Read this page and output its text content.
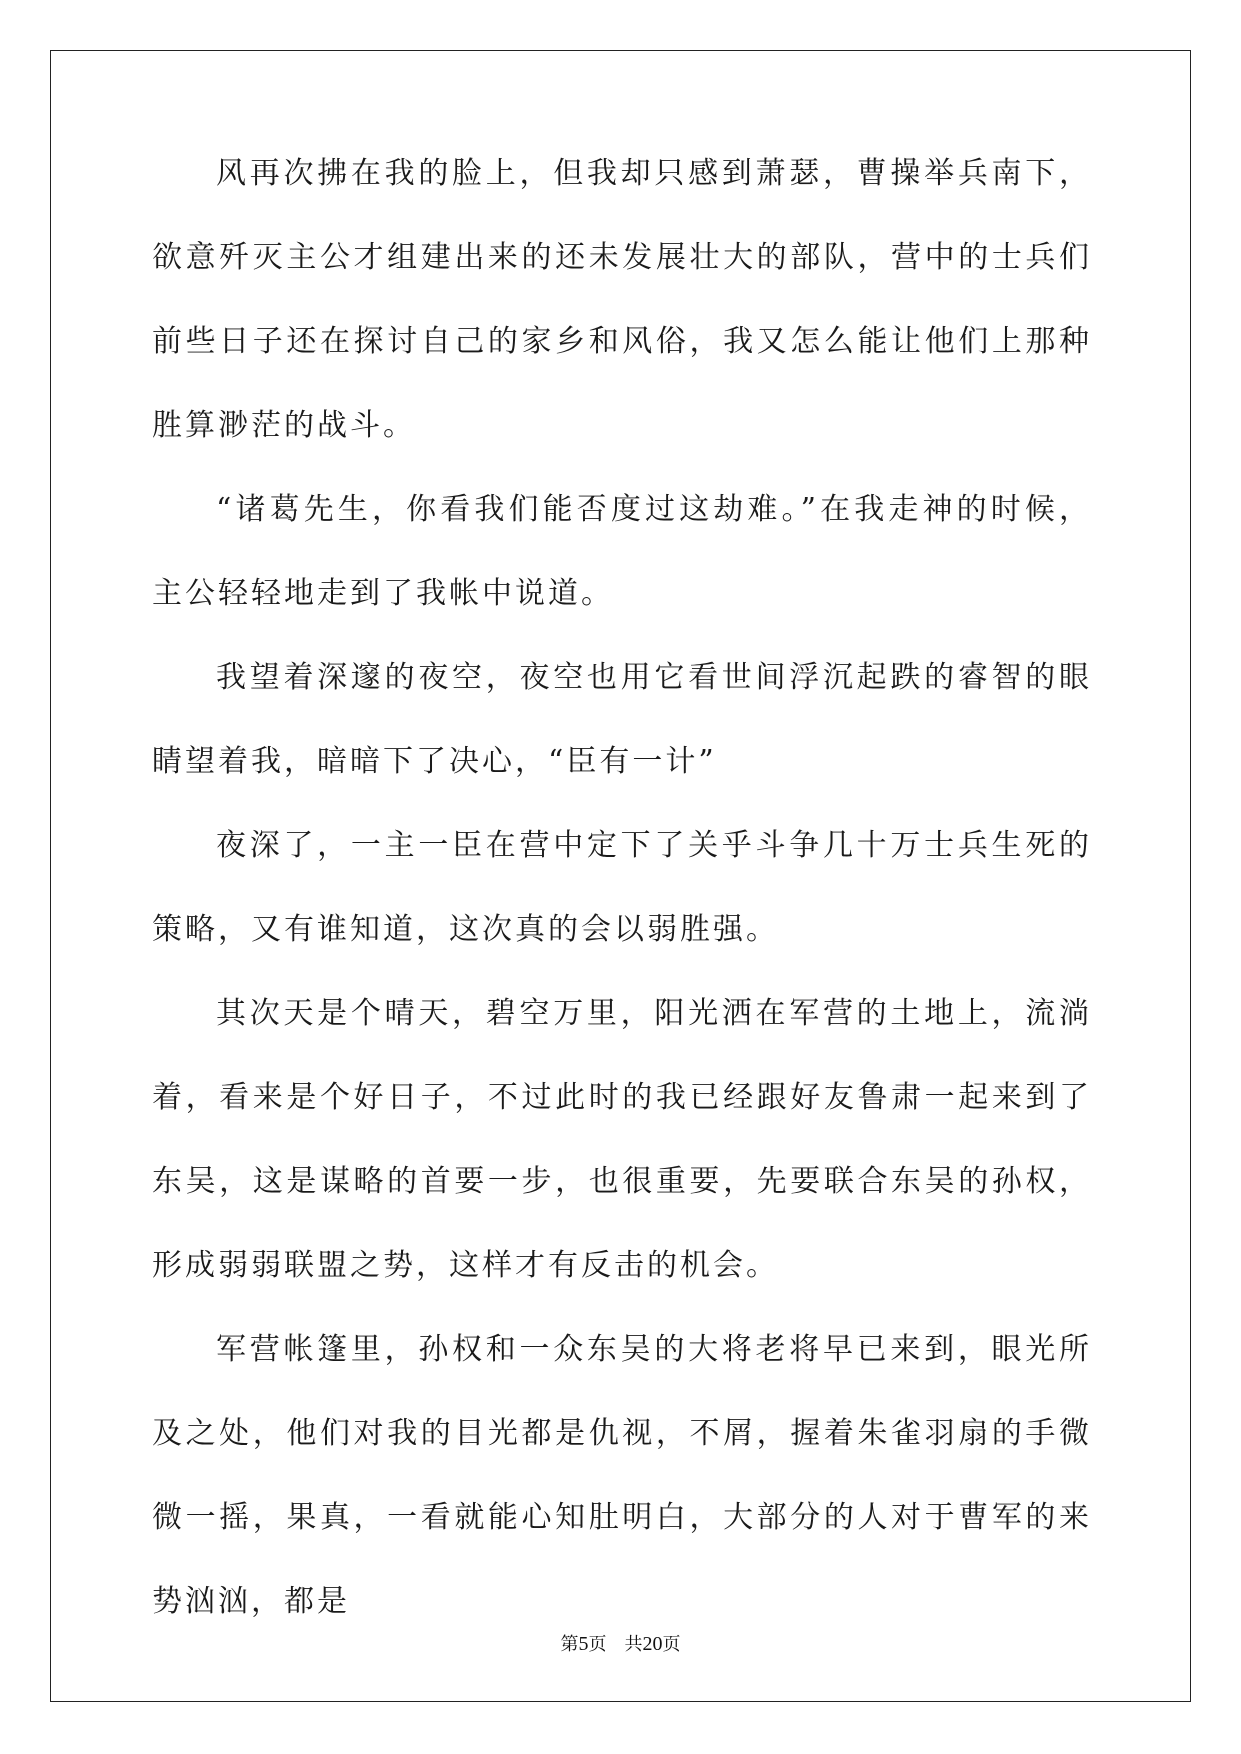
风再次拂在我的脸上，但我却只感到萧瑟，曹操举兵南下，欲意歼灭主公才组建出来的还未发展壮大的部队，营中的士兵们前些日子还在探讨自己的家乡和风俗，我又怎么能让他们上那种胜算渺茫的战斗。

“诸葛先生，你看我们能否度过这劫难。”在我走神的时候，主公轻轻地走到了我帐中说道。

我望着深邃的夜空，夜空也用它看世间浮沉起跌的睿智的眼睛望着我，暗暗下了决心，“臣有一计”

夜深了，一主一臣在营中定下了关乎斗争几十万士兵生死的策略，又有谁知道，这次真的会以弱胜强。

其次天是个晴天，碧空万里，阳光洒在军营的土地上，流淌着，看来是个好日子，不过此时的我已经跟好友鲁肃一起来到了东吴，这是谋略的首要一步，也很重要，先要联合东吴的孙权，形成弱弱联盟之势，这样才有反击的机会。

军营帐篷里，孙权和一众东吴的大将老将早已来到，眼光所及之处，他们对我的目光都是仇视，不屑，握着朱雀羽扇的手微微一摇，果真，一看就能心知肚明白，大部分的人对于曹军的来势汹汹，都是

第5页 共20页
